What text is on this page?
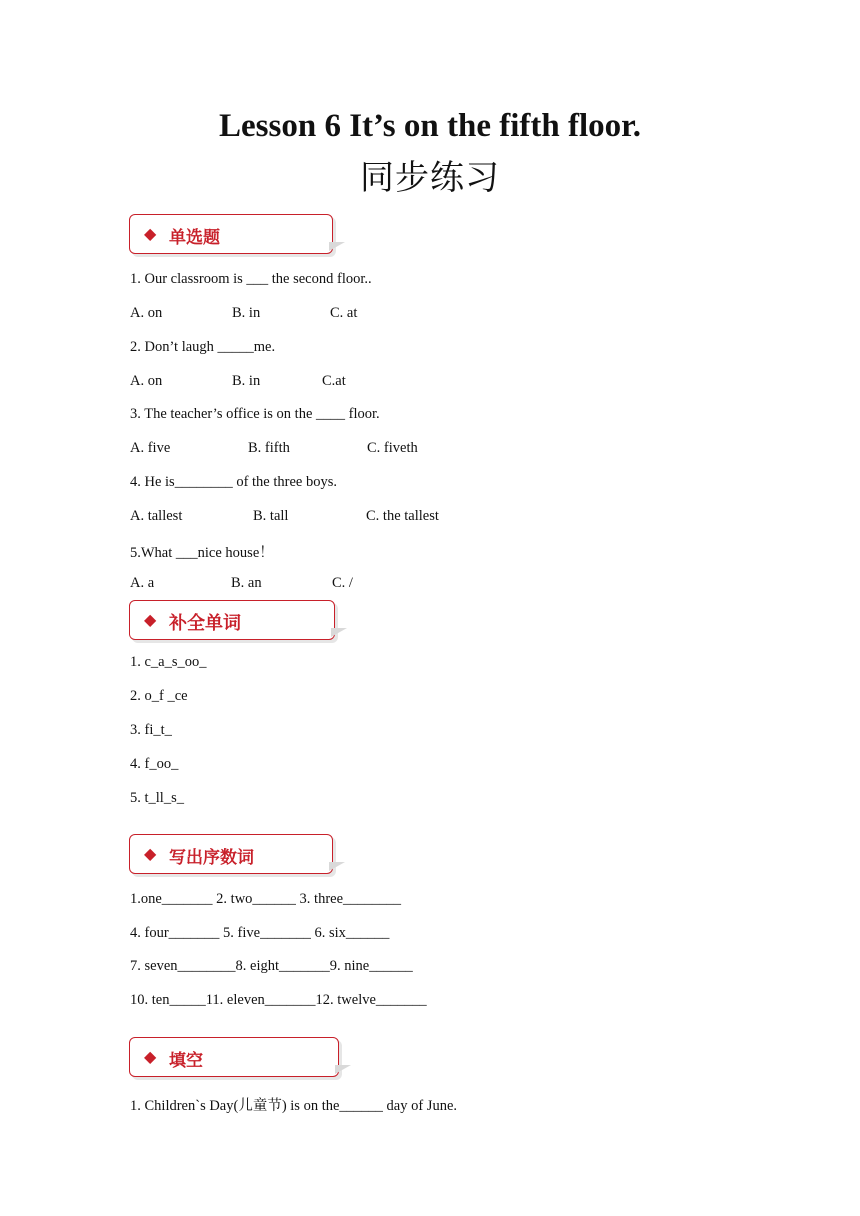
Lesson 6 It’s on the fifth floor.
同步练习
◆ 单选题
1. Our classroom is ___ the second floor..
A. on	B. in	C. at
2. Don’t laugh _____me.
A. on	B. in	C.at
3. The teacher’s office is on the ____ floor.
A. five	B. fifth	C. fiveth
4. He is________ of the three boys.
A. tallest	B. tall	C. the tallest
5.What ___nice house！
A. a	B. an	C. /
◆ 补全单词
1. c_a_s_oo_
2. o_f _ce
3. fi_t_
4. f_oo_
5. t_ll_s_
◆ 写出序数词
1.one_______ 2. two______ 3. three________
4. four_______ 5. five_______ 6. six______
7. seven________8. eight_______9. nine______
10. ten_____11. eleven_______12. twelve_______
◆ 填空
1. Children`s Day(儿童节) is on the______ day of June.
